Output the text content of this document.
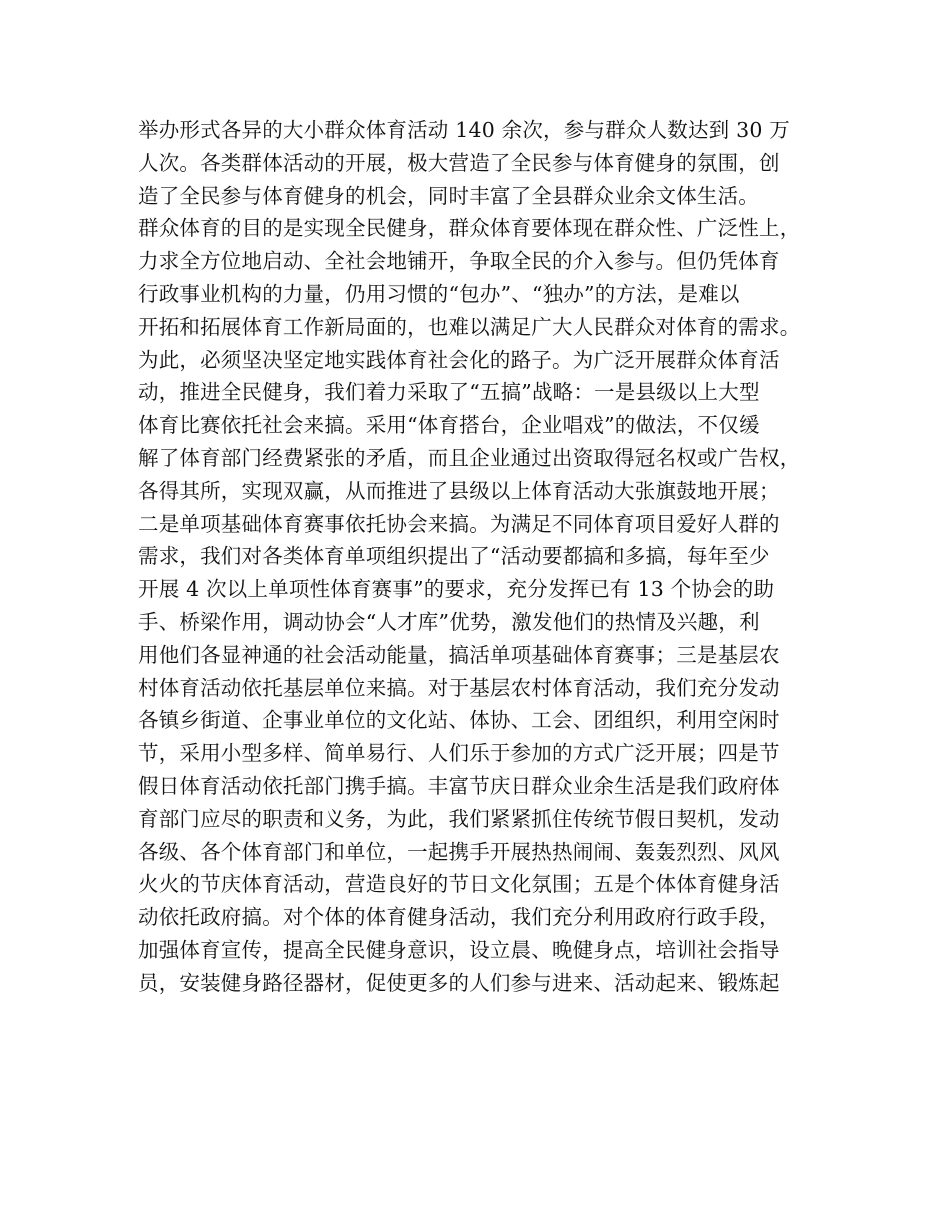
举办形式各异的大小群众体育活动 140 余次，参与群众人数达到 30 万
人次。各类群体活动的开展，极大营造了全民参与体育健身的氛围，创
造了全民参与体育健身的机会，同时丰富了全县群众业余文体生活。
群众体育的目的是实现全民健身，群众体育要体现在群众性、广泛性上，
力求全方位地启动、全社会地铺开，争取全民的介入参与。但仍凭体育
行政事业机构的力量，仍用习惯的“包办”、“独办”的方法，是难以
开拓和拓展体育工作新局面的，也难以满足广大人民群众对体育的需求。
为此，必须坚决坚定地实践体育社会化的路子。为广泛开展群众体育活
动，推进全民健身，我们着力采取了“五搞”战略：一是县级以上大型
体育比赛依托社会来搞。采用“体育搭台，企业唱戏”的做法，不仅缓
解了体育部门经费紧张的矛盾，而且企业通过出资取得冠名权或广告权，
各得其所，实现双赢，从而推进了县级以上体育活动大张旗鼓地开展；
二是单项基础体育赛事依托协会来搞。为满足不同体育项目爱好人群的
需求，我们对各类体育单项组织提出了“活动要都搞和多搞，每年至少
开展 4 次以上单项性体育赛事”的要求，充分发挥已有 13 个协会的助
手、桥梁作用，调动协会“人才库”优势，激发他们的热情及兴趣，利
用他们各显神通的社会活动能量，搞活单项基础体育赛事；三是基层农
村体育活动依托基层单位来搞。对于基层农村体育活动，我们充分发动
各镇乡街道、企事业单位的文化站、体协、工会、团组织，利用空闲时
节，采用小型多样、简单易行、人们乐于参加的方式广泛开展；四是节
假日体育活动依托部门携手搞。丰富节庆日群众业余生活是我们政府体
育部门应尽的职责和义务，为此，我们紧紧抓住传统节假日契机，发动
各级、各个体育部门和单位，一起携手开展热热闹闹、轰轰烈烈、风风
火火的节庆体育活动，营造良好的节日文化氛围；五是个体体育健身活
动依托政府搞。对个体的体育健身活动，我们充分利用政府行政手段，
加强体育宣传，提高全民健身意识，设立晨、晚健身点，培训社会指导
员，安装健身路径器材，促使更多的人们参与进来、活动起来、锻炼起
